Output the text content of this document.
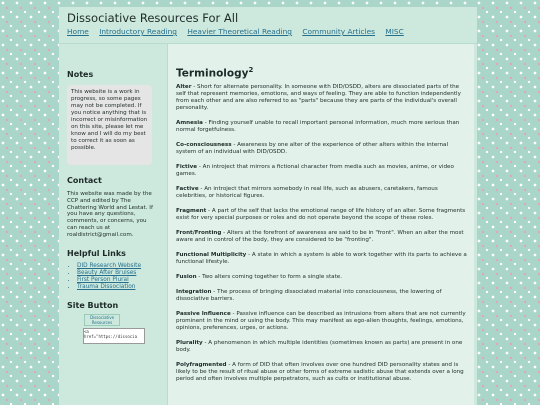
Dissociative Resources For All
Home Introductory Reading Heavier Theoretical Reading Community Articles MISC
Notes

This website is a work in progress, so some pages may not be completed. If you notice anything that is incorrect or misinformation on this site, please let me know and I will do my best to correct it as soon as possible.

Contact

This website was made by the CCP and edited by The Chattering World and Lestat. If you have any questions, comments, or concerns, you can reach us at roaldistrict@gmail.com.

Helpful Links
• DID Research Website
• Beauty After Bruises
• First Person Plural
• Trauma Dissociation
Site Button
Dissociative Resources
<a href="https://dissocia
Terminology$^2$

Alter - Short for alternate personality. In someone with DID/OSDD, alters are dissociated parts of the self that represent memories, emotions, and ways of feeling. They are able to function independently from each other and are also referred to as "parts" because they are parts of the individual's overall personality.

Amnesia - Finding yourself unable to recall important personal information, much more serious than normal forgetfulness.

Co-consciousness - Awareness by one alter of the experience of other alters within the internal system of an individual with DID/OSDD.

Fictive - An introject that mirrors a fictional character from media such as movies, anime, or video games.

Factive - An introject that mirrors somebody in real life, such as abusers, caretakers, famous celebrities, or historical figures.

Fragment - A part of the self that lacks the emotional range of life history of an alter. Some fragments exist for very special purposes or roles and do not operate beyond the scope of these roles.

Front/Fronting - Alters at the forefront of awareness are said to be in "front". When an alter the most aware and in control of the body, they are considered to be "fronting".

Functional Multiplicity - A state in which a system is able to work together with its parts to achieve a functional lifestyle.

Fusion - Two alters coming together to form a single state.

Integration - The process of bringing dissociated material into consciousness, the lowering of dissociative barriers.

Passive Influence - Passive influence can be described as intrusions from alters that are not currently prominent in the mind or using the body. This may manifest as ego-alien thoughts, feelings, emotions, opinions, preferences, urges, or actions.

Plurality - A phenomenon in which multiple identities (sometimes known as parts) are present in one body.

Polyfragmented - A form of DID that often involves over one hundred DID personality states and is likely to be the result of ritual abuse or other forms of extreme sadistic abuse that extends over a long period and often involves multiple perpetrators, such as cults or institutional abuse.
